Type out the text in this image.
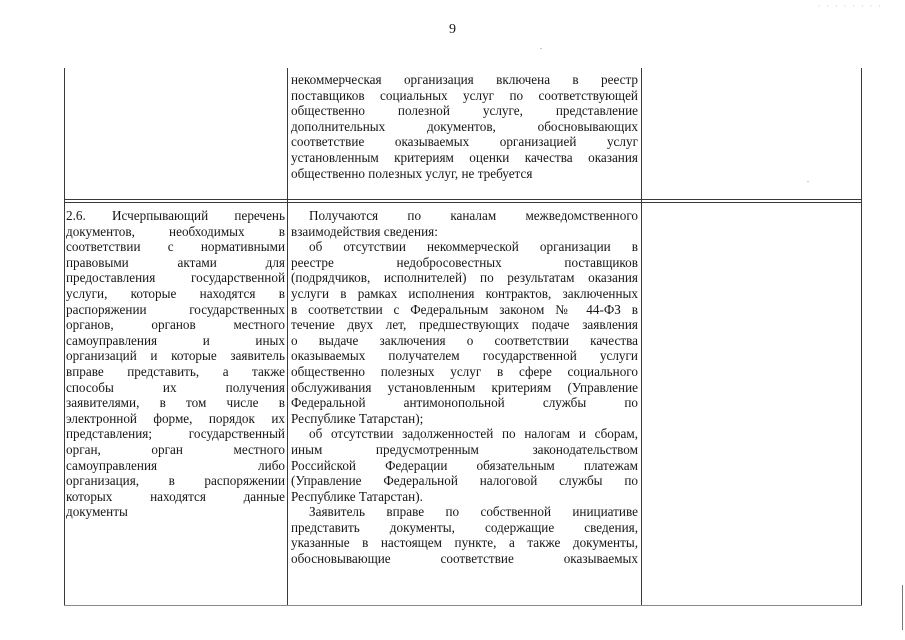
9
· · · · · · · ·
некоммерческая организация включена в реестр
поставщиков социальных услуг по соответствующей
общественно полезной услуге, представление
дополнительных документов, обосновывающих
соответствие оказываемых организацией услуг
установленным критериям оценки качества оказания
общественно полезных услуг, не требуется
2.6. Исчерпывающий перечень
документов, необходимых в
соответствии с нормативными
правовыми актами для
предоставления государственной
услуги, которые находятся в
распоряжении государственных
органов, органов местного
самоуправления и иных
организаций и которые заявитель
вправе представить, а также
способы их получения
заявителями, в том числе в
электронной форме, порядок их
представления; государственный
орган, орган местного
самоуправления либо
организация, в распоряжении
которых находятся данные
документы
Получаются по каналам межведомственного
взаимодействия сведения:
об отсутствии некоммерческой организации в
реестре недобросовестных поставщиков
(подрядчиков, исполнителей) по результатам оказания
услуги в рамках исполнения контрактов, заключенных
в соответствии с Федеральным законом № 44-ФЗ в
течение двух лет, предшествующих подаче заявления
о выдаче заключения о соответствии качества
оказываемых получателем государственной услуги
общественно полезных услуг в сфере социального
обслуживания установленным критериям (Управление
Федеральной антимонопольной службы по
Республике Татарстан);
об отсутствии задолженностей по налогам и сборам,
иным предусмотренным законодательством
Российской Федерации обязательным платежам
(Управление Федеральной налоговой службы по
Республике Татарстан).
Заявитель вправе по собственной инициативе
представить документы, содержащие сведения,
указанные в настоящем пункте, а также документы,
обосновывающие соответствие оказываемых
